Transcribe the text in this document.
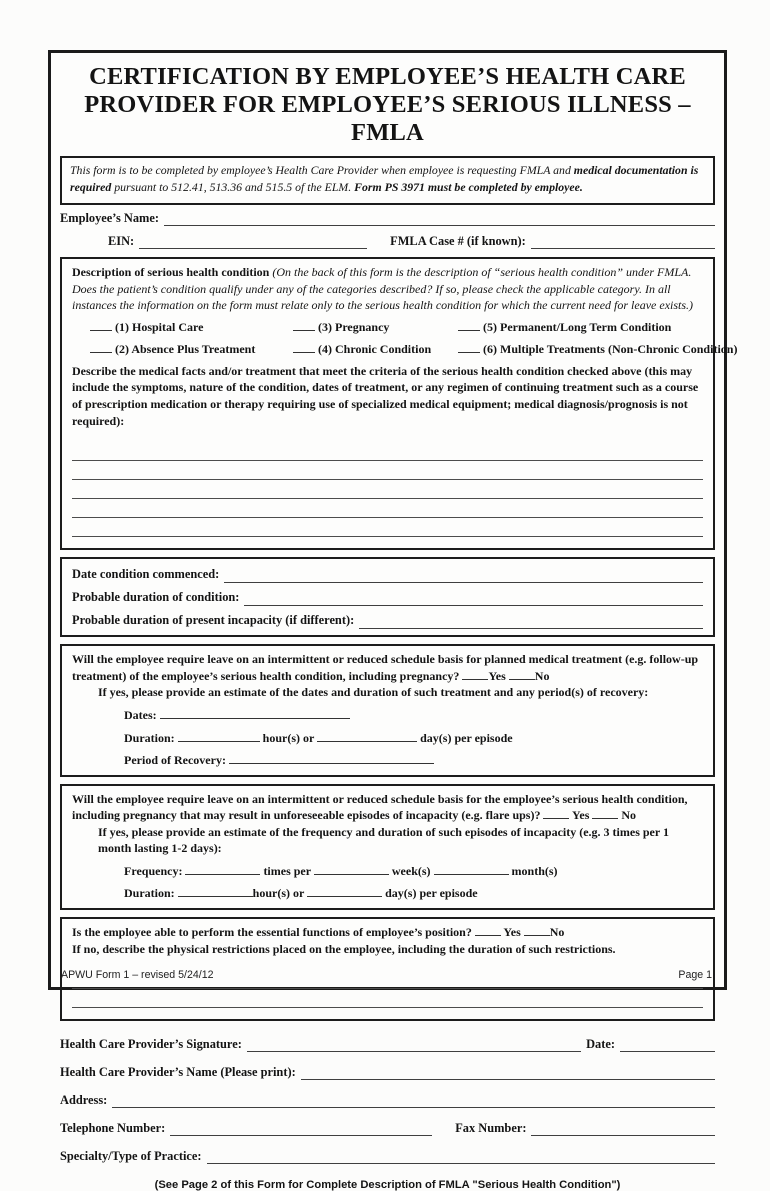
CERTIFICATION BY EMPLOYEE’S HEALTH CARE
PROVIDER FOR EMPLOYEE’S SERIOUS ILLNESS – FMLA
This form is to be completed by employee’s Health Care Provider when employee is requesting FMLA and medical documentation is required pursuant to 512.41, 513.36 and 515.5 of the ELM. Form PS 3971 must be completed by employee.
Employee’s Name:
EIN:	FMLA Case # (if known):

Description of serious health condition (On the back of this form is the description of “serious health condition” under FMLA. Does the patient’s condition qualify under any of the categories described? If so, please check the applicable category. In all instances the information on the form must relate only to the serious health condition for which the current need for leave exists.)

(1) Hospital Care	(3) Pregnancy	(5) Permanent/Long Term Condition
(2) Absence Plus Treatment	(4) Chronic Condition	(6) Multiple Treatments (Non-Chronic Condition)

Describe the medical facts and/or treatment that meet the criteria of the serious health condition checked above (this may include the symptoms, nature of the condition, dates of treatment, or any regimen of continuing treatment such as a course of prescription medication or therapy requiring use of specialized medical equipment; medical diagnosis/prognosis is not required):

Date condition commenced:
Probable duration of condition:
Probable duration of present incapacity (if different):

Will the employee require leave on an intermittent or reduced schedule basis for planned medical treatment (e.g. follow-up treatment) of the employee’s serious health condition, including pregnancy? Yes No

If yes, please provide an estimate of the dates and duration of such treatment and any period(s) of recovery:

Dates:
Duration:	hour(s) or	day(s) per episode
Period of Recovery:

Will the employee require leave on an intermittent or reduced schedule basis for the employee’s serious health condition, including pregnancy that may result in unforeseeable episodes of incapacity (e.g. flare ups)?	Yes	No

If yes, please provide an estimate of the frequency and duration of such episodes of incapacity (e.g. 3 times per 1 month lasting 1-2 days):

Frequency:	times per	week(s)	month(s)
Duration:	hour(s) or	day(s) per episode

Is the employee able to perform the essential functions of employee’s position?	Yes No

If no, describe the physical restrictions placed on the employee, including the duration of such restrictions.

Health Care Provider’s Signature:	Date:
Health Care Provider’s Name (Please print):
Address:
Telephone Number:	Fax Number:
Specialty/Type of Practice:
(See Page 2 of this Form for Complete Description of FMLA "Serious Health Condition")
APWU Form 1 – revised 5/24/12	Page 1
